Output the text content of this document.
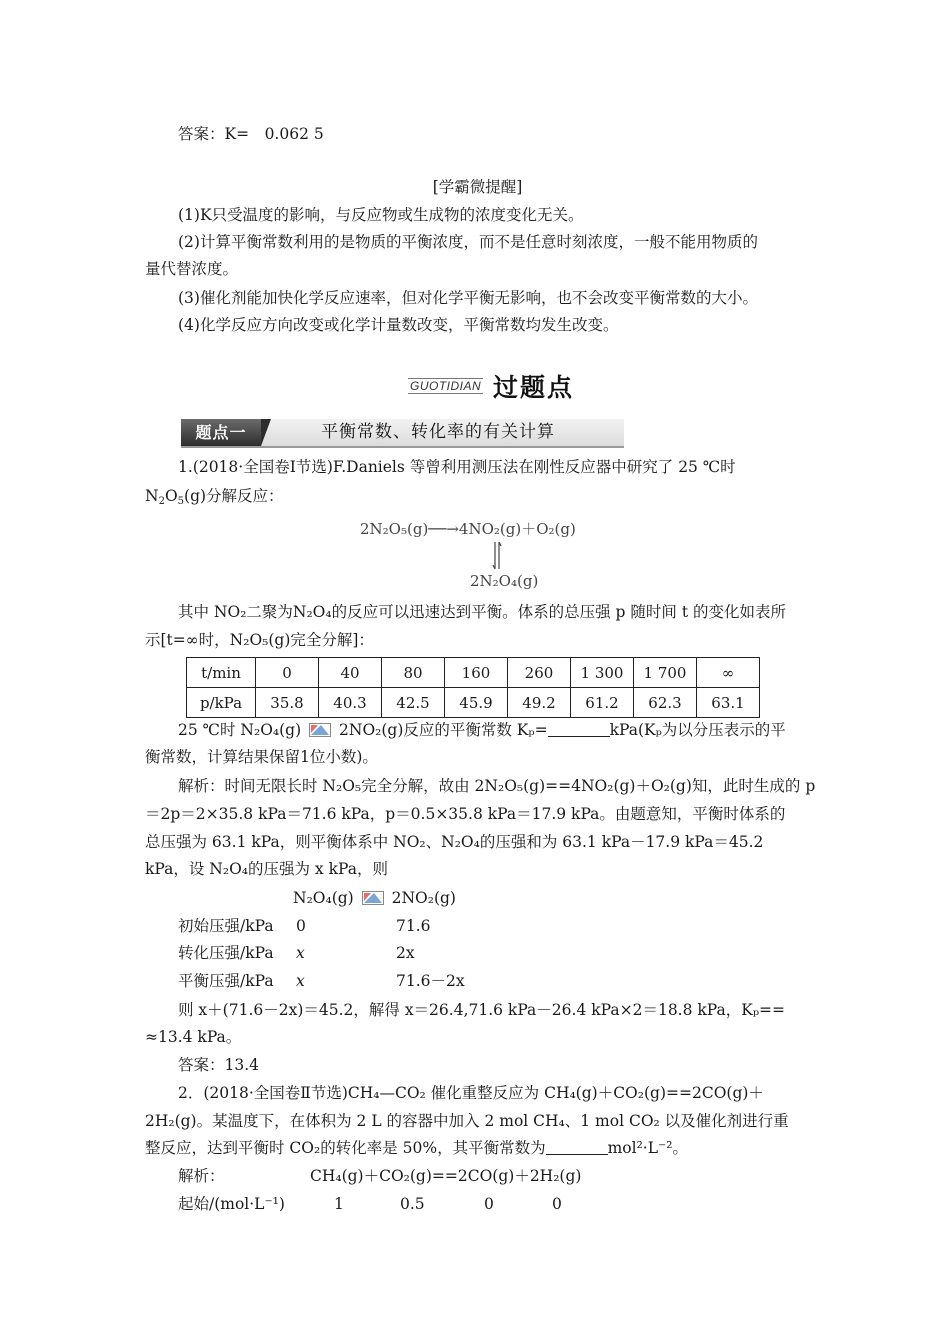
答案：K=　0.062 5
[学霸微提醒]
(1)K只受温度的影响，与反应物或生成物的浓度变化无关。
(2)计算平衡常数利用的是物质的平衡浓度，而不是任意时刻浓度，一般不能用物质的
量代替浓度。
(3)催化剂能加快化学反应速率，但对化学平衡无影响，也不会改变平衡常数的大小。
(4)化学反应方向改变或化学计量数改变，平衡常数均发生改变。
GUOTIDIAN 过题点
题点一	平衡常数、转化率的有关计算
1.(2018·全国卷Ⅰ节选)F.Daniels 等曾利用测压法在刚性反应器中研究了 25 ℃时
$N_2O_5(g)$分解反应：
2N₂O₅(g)──→4NO₂(g)＋O₂(g)
2N₂O₄(g)
其中 NO₂二聚为N₂O₄的反应可以迅速达到平衡。体系的总压强 p 随时间 t 的变化如表所
示[t=∞时，N₂O₅(g)完全分解]：
t/min	0	40	80	160	260	1 300	1 700	∞
p/kPa	35.8	40.3	42.5	45.9	49.2	61.2	62.3	63.1
25 ℃时 N₂O₄(g) 2NO₂(g)反应的平衡常数 Kₚ=	kPa(Kₚ为以分压表示的平
衡常数，计算结果保留1位小数)。
解析：时间无限长时 N₂O₅完全分解，故由 2N₂O₅(g)==4NO₂(g)＋O₂(g)知，此时生成的 p
＝2p＝2×35.8 kPa＝71.6 kPa，p＝0.5×35.8 kPa＝17.9 kPa。由题意知，平衡时体系的
总压强为 63.1 kPa，则平衡体系中 NO₂、N₂O₄的压强和为 63.1 kPa－17.9 kPa＝45.2
kPa，设 N₂O₄的压强为 x kPa，则
N₂O₄(g) 2NO₂(g)
初始压强/kPa 0	71.6
转化压强/kPa x	2x
平衡压强/kPa x	71.6－2x
则 x＋(71.6－2x)＝45.2，解得 x＝26.4,71.6 kPa－26.4 kPa×2＝18.8 kPa，Kₚ==
≈13.4 kPa。
答案：13.4
2．(2018·全国卷Ⅱ节选)CH₄—CO₂ 催化重整反应为 CH₄(g)＋CO₂(g)==2CO(g)＋
2H₂(g)。某温度下，在体积为 2 L 的容器中加入 2 mol CH₄、1 mol CO₂ 以及催化剂进行重
整反应，达到平衡时 CO₂的转化率是 50%，其平衡常数为	mol²·L⁻²。
解析：	CH₄(g)＋CO₂(g)==2CO(g)＋2H₂(g)
起始/(mol·L⁻¹)	1	0.5	0	0
